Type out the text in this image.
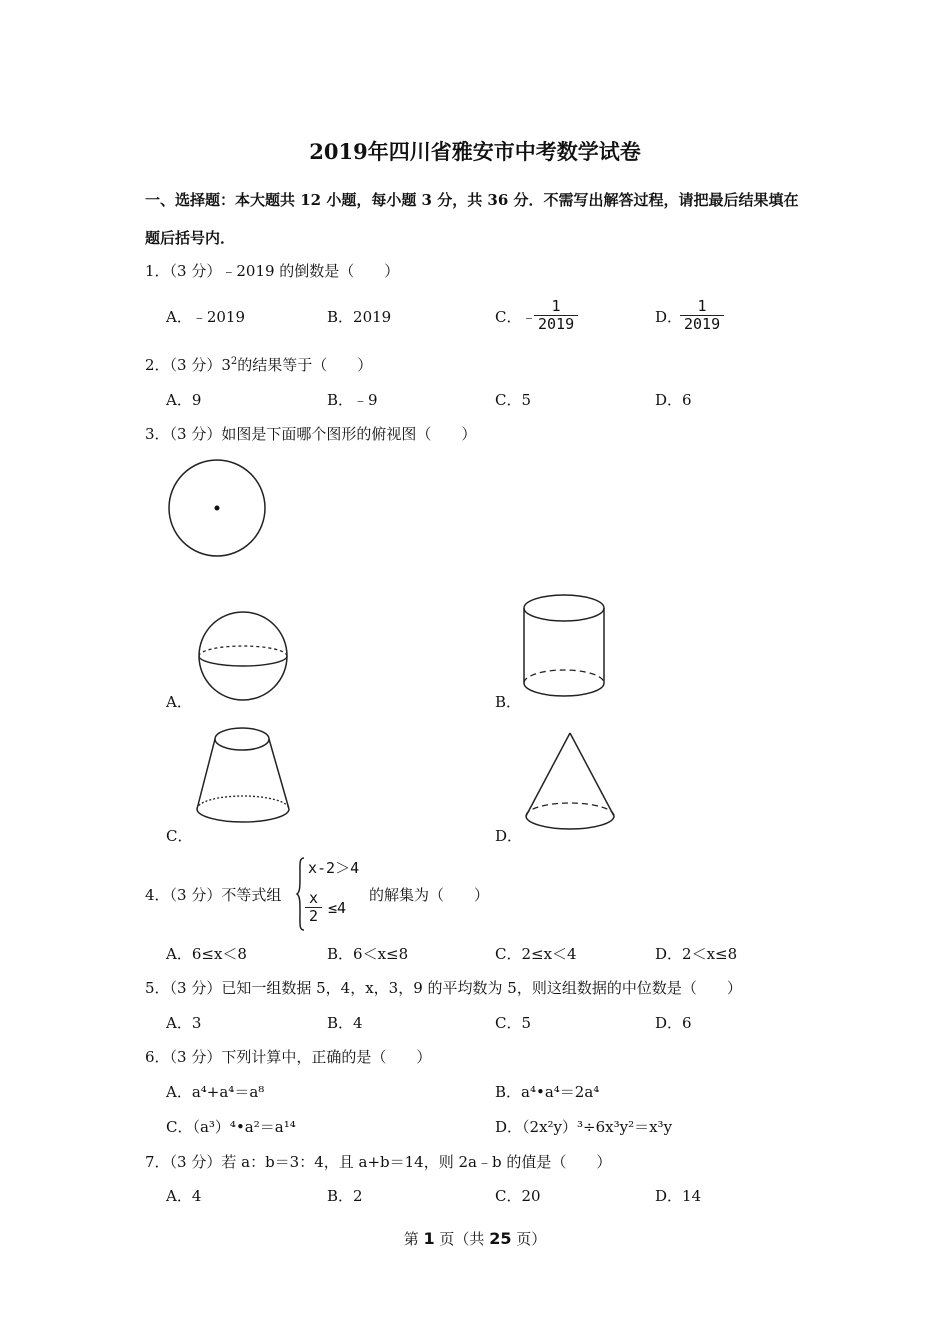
2019年四川省雅安市中考数学试卷
一、选择题：本大题共 12 小题，每小题 3 分，共 36 分．不需写出解答过程，请把最后结果填在
题后括号内．
1．（3 分）﹣2019 的倒数是（　　）
A．﹣2019	B．2019	C．﹣
$\frac{1}{2019}$	D．
$\frac{1}{2019}$
2．（3 分）$3^2$的结果等于（　　）
A．9	B．﹣9	C．5	D．6
3．（3 分）如图是下面哪个图形的俯视图（　　）
A．	B．
C．	D．
4．（3 分）不等式组
x-2＞4
$\frac{x}{2} \le 4$
的解集为（　　）
A．6≤x＜8	B．6＜x≤8	C．2≤x＜4	D．2＜x≤8
5．（3 分）已知一组数据 5，4，x，3，9 的平均数为 5，则这组数据的中位数是（　　）
A．3	B．4	C．5	D．6
6．（3 分）下列计算中，正确的是（　　）
A．a⁴+a⁴＝a⁸	B．a⁴•a⁴＝2a⁴
C．（a³）⁴•a²＝a¹⁴	D．（2x²y）³÷6x³y²＝x³y
7．（3 分）若 a：b＝3：4，且 a+b＝14，则 2a﹣b 的值是（　　）
A．4	B．2	C．20	D．14
第 1 页（共 25 页）
